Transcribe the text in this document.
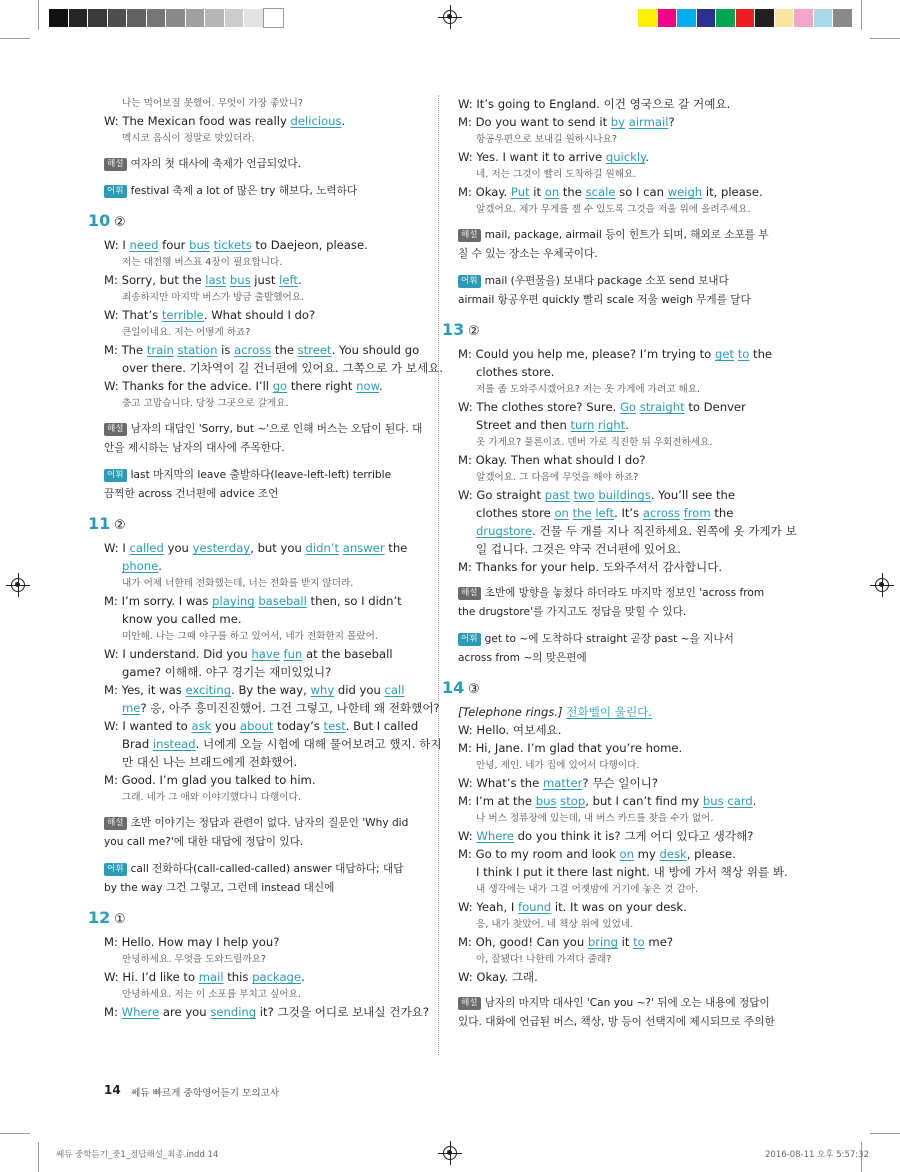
나는 먹어보질 못했어. 무엇이 가장 좋았니?
W: The Mexican food was really delicious.
멕시코 음식이 정말로 맛있더라.
해설 여자의 첫 대사에 축제가 언급되었다.
어휘 festival 축제 a lot of 많은 try 해보다, 노력하다
10 ②
W: I need four bus tickets to Daejeon, please.
저는 대전행 버스표 4장이 필요합니다.
M: Sorry, but the last bus just left.
죄송하지만 마지막 버스가 방금 출발했어요.
W: That’s terrible. What should I do?
큰일이네요. 저는 어떻게 하죠?
M: The train station is across the street. You should go
over there. 기차역이 길 건너편에 있어요. 그쪽으로 가 보세요.
W: Thanks for the advice. I’ll go there right now.
충고 고맙습니다. 당장 그곳으로 갈게요.
해설 남자의 대답인 'Sorry, but ~'으로 인해 버스는 오답이 된다. 대
안을 제시하는 남자의 대사에 주목한다.
어휘 last 마지막의 leave 출발하다(leave-left-left) terrible
끔찍한 across 건너편에 advice 조언
11 ②
W: I called you yesterday, but you didn’t answer the
phone.
내가 어제 너한테 전화했는데, 너는 전화를 받지 않더라.
M: I’m sorry. I was playing baseball then, so I didn’t
know you called me.
미안해. 나는 그때 야구를 하고 있어서, 네가 전화한지 몰랐어.
W: I understand. Did you have fun at the baseball
game? 이해해. 야구 경기는 재미있었니?
M: Yes, it was exciting. By the way, why did you call
me? 응, 아주 흥미진진했어. 그건 그렇고, 나한테 왜 전화했어?
W: I wanted to ask you about today’s test. But I called
Brad instead. 너에게 오늘 시험에 대해 물어보려고 했지. 하지
만 대신 나는 브래드에게 전화했어.
M: Good. I’m glad you talked to him.
그래. 네가 그 애와 이야기했다니 다행이다.
해설 초반 이야기는 정답과 관련이 없다. 남자의 질문인 'Why did
you call me?'에 대한 대답에 정답이 있다.
어휘 call 전화하다(call-called-called) answer 대답하다; 대답
by the way 그건 그렇고, 그런데 instead 대신에
12 ①
M: Hello. How may I help you?
안녕하세요. 무엇을 도와드릴까요?
W: Hi. I’d like to mail this package.
안녕하세요. 저는 이 소포를 부치고 싶어요.
M: Where are you sending it? 그것을 어디로 보내실 건가요?
W: It’s going to England. 이건 영국으로 갈 거예요.
M: Do you want to send it by airmail?
항공우편으로 보내길 원하시나요?
W: Yes. I want it to arrive quickly.
네. 저는 그것이 빨리 도착하길 원해요.
M: Okay. Put it on the scale so I can weigh it, please.
알겠어요. 제가 무게를 잴 수 있도록 그것을 저울 위에 올려주세요.
해설 mail, package, airmail 등이 힌트가 되며, 해외로 소포를 부
칠 수 있는 장소는 우체국이다.
어휘 mail (우편물을) 보내다 package 소포 send 보내다
airmail 항공우편 quickly 빨리 scale 저울 weigh 무게를 달다
13 ②
M: Could you help me, please? I’m trying to get to the
clothes store.
저를 좀 도와주시겠어요? 저는 옷 가게에 가려고 해요.
W: The clothes store? Sure. Go straight to Denver
Street and then turn right.
옷 가게요? 물론이죠. 덴버 가로 직진한 뒤 우회전하세요.
M: Okay. Then what should I do?
알겠어요. 그 다음에 무엇을 해야 하죠?
W: Go straight past two buildings. You’ll see the
clothes store on the left. It’s across from the
drugstore. 건물 두 개를 지나 직진하세요. 왼쪽에 옷 가게가 보
일 겁니다. 그것은 약국 건너편에 있어요.
M: Thanks for your help. 도와주셔서 감사합니다.
해설 초반에 방향을 놓쳤다 하더라도 마지막 정보인 'across from
the drugstore'를 가지고도 정답을 맞힐 수 있다.
어휘 get to ~에 도착하다 straight 곧장 past ~을 지나서
across from ~의 맞은편에
14 ③
[Telephone rings.] 전화벨이 울린다.
W: Hello. 여보세요.
M: Hi, Jane. I’m glad that you’re home.
안녕, 제인. 네가 집에 있어서 다행이다.
W: What’s the matter? 무슨 일이니?
M: I’m at the bus stop, but I can’t find my bus card.
나 버스 정류장에 있는데, 내 버스 카드를 찾을 수가 없어.
W: Where do you think it is? 그게 어디 있다고 생각해?
M: Go to my room and look on my desk, please.
I think I put it there last night. 내 방에 가서 책상 위를 봐.
내 생각에는 내가 그걸 어젯밤에 거기에 놓은 것 같아.
W: Yeah, I found it. It was on your desk.
응, 내가 찾았어. 네 책상 위에 있었네.
M: Oh, good! Can you bring it to me?
아, 잘됐다! 나한테 가져다 줄래?
W: Okay. 그래.
해설 남자의 마지막 대사인 'Can you ~?' 뒤에 오는 내용에 정답이
있다. 대화에 언급된 버스, 책상, 방 등이 선택지에 제시되므로 주의한
14 쎄듀 빠르게 중학영어듣기 모의고사
쎄듀 중학듣기_중1_정답해설_최종.indd 14	2016-08-11 오후 5:57:32
